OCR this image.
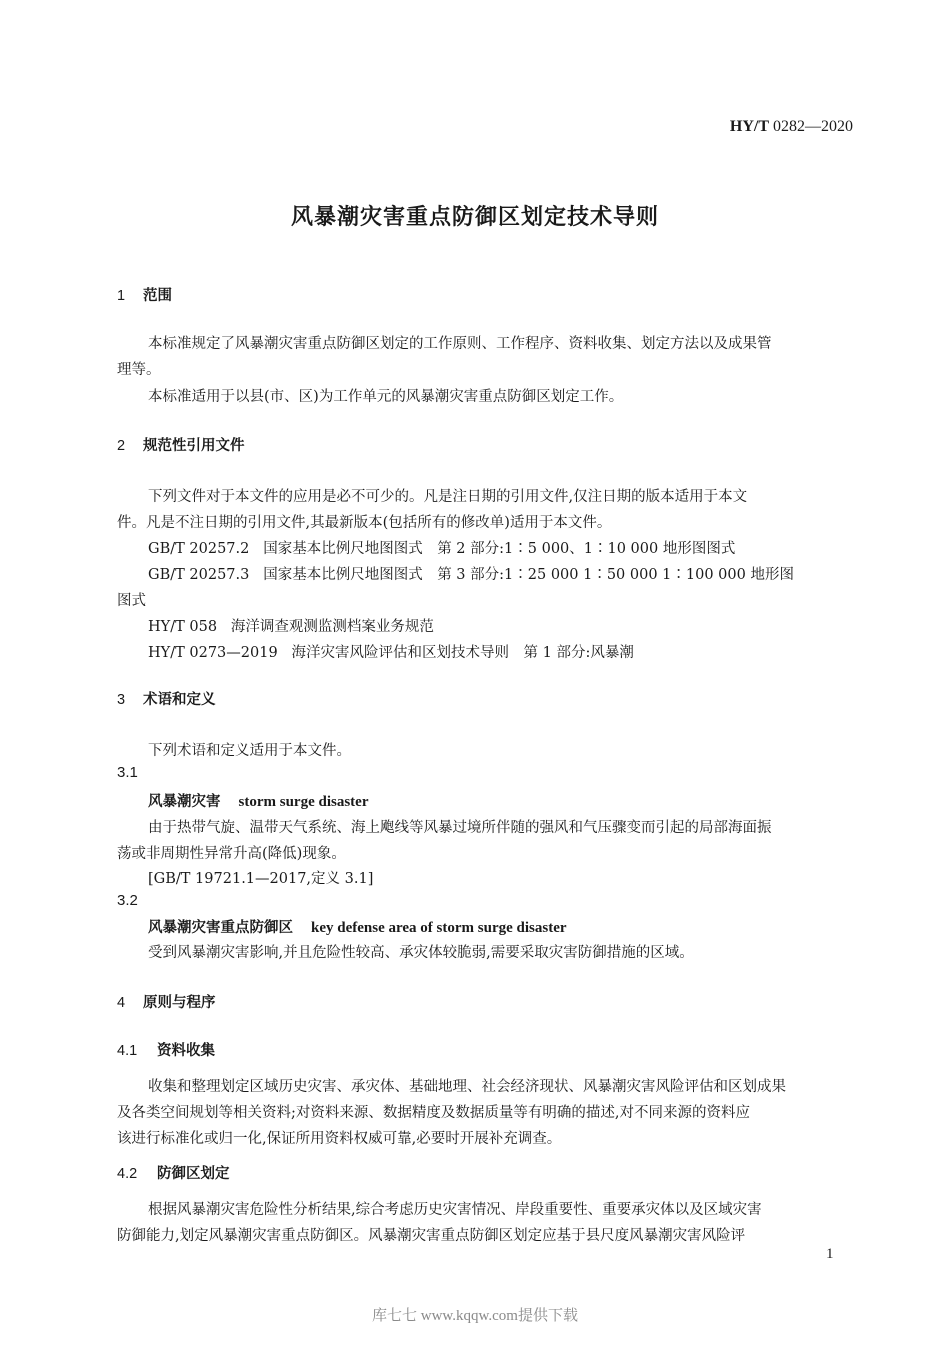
HY/T 0282—2020
风暴潮灾害重点防御区划定技术导则
1 范围
本标准规定了风暴潮灾害重点防御区划定的工作原则、工作程序、资料收集、划定方法以及成果管
理等。
本标准适用于以县(市、区)为工作单元的风暴潮灾害重点防御区划定工作。
2 规范性引用文件
下列文件对于本文件的应用是必不可少的。凡是注日期的引用文件,仅注日期的版本适用于本文
件。凡是不注日期的引用文件,其最新版本(包括所有的修改单)适用于本文件。
GB/T 20257.2 国家基本比例尺地图图式　第 2 部分:1∶5 000、1∶10 000 地形图图式
GB/T 20257.3 国家基本比例尺地图图式　第 3 部分:1∶25 000 1∶50 000 1∶100 000 地形图
图式
HY/T 058 海洋调查观测监测档案业务规范
HY/T 0273—2019 海洋灾害风险评估和区划技术导则　第 1 部分:风暴潮
3 术语和定义
下列术语和定义适用于本文件。
3.1
风暴潮灾害 storm surge disaster
由于热带气旋、温带天气系统、海上飑线等风暴过境所伴随的强风和气压骤变而引起的局部海面振
荡或非周期性异常升高(降低)现象。
[GB/T 19721.1—2017,定义 3.1]
3.2
风暴潮灾害重点防御区 key defense area of storm surge disaster
受到风暴潮灾害影响,并且危险性较高、承灾体较脆弱,需要采取灾害防御措施的区域。
4 原则与程序
4.1 资料收集
收集和整理划定区域历史灾害、承灾体、基础地理、社会经济现状、风暴潮灾害风险评估和区划成果
及各类空间规划等相关资料;对资料来源、数据精度及数据质量等有明确的描述,对不同来源的资料应
该进行标准化或归一化,保证所用资料权威可靠,必要时开展补充调查。
4.2 防御区划定
根据风暴潮灾害危险性分析结果,综合考虑历史灾害情况、岸段重要性、重要承灾体以及区域灾害
防御能力,划定风暴潮灾害重点防御区。风暴潮灾害重点防御区划定应基于县尺度风暴潮灾害风险评
1
库七七 www.kqqw.com提供下载
